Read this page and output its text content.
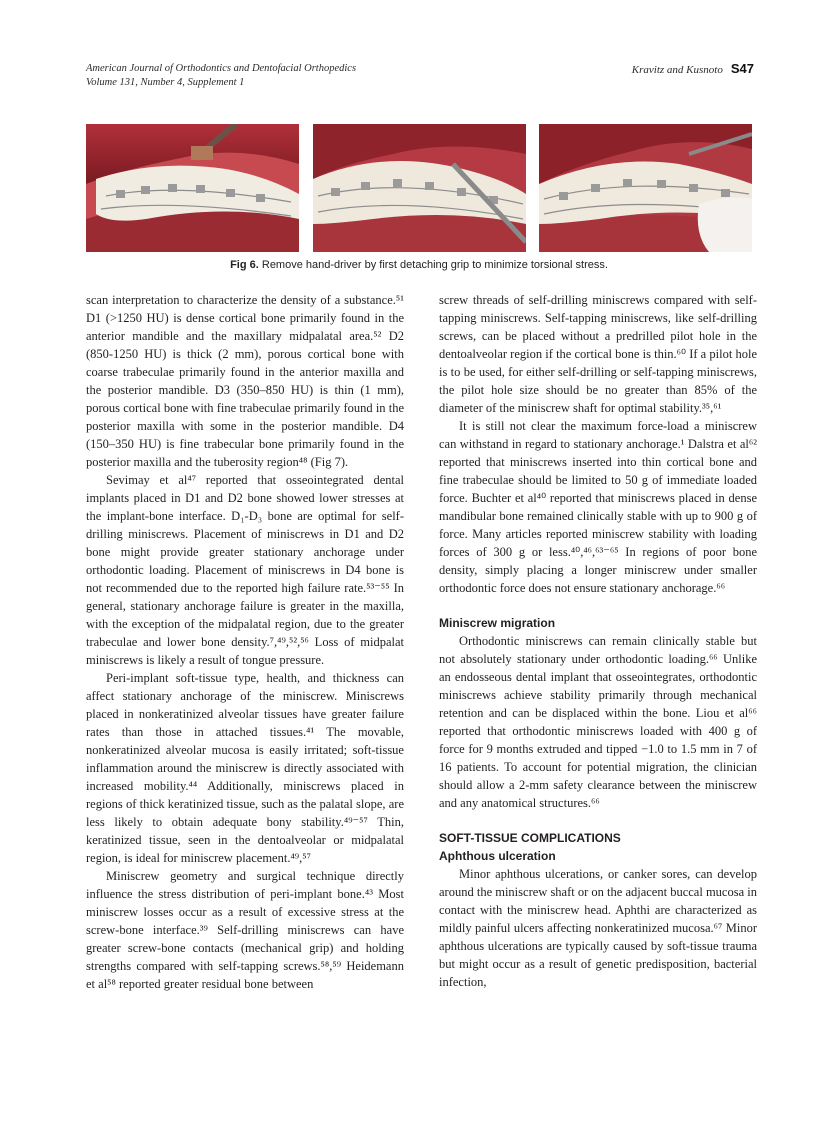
American Journal of Orthodontics and Dentofacial Orthopedics
Volume 131, Number 4, Supplement 1
Kravitz and Kusnoto S47
Fig 6. Remove hand-driver by first detaching grip to minimize torsional stress.

scan interpretation to characterize the density of a substance.⁵¹ D1 (>1250 HU) is dense cortical bone primarily found in the anterior mandible and the maxillary midpalatal area.⁵² D2 (850-1250 HU) is thick (2 mm), porous cortical bone with coarse trabeculae primarily found in the anterior maxilla and the posterior mandible. D3 (350–850 HU) is thin (1 mm), porous cortical bone with fine trabeculae primarily found in the posterior maxilla with some in the posterior mandible. D4 (150–350 HU) is fine trabecular bone primarily found in the posterior maxilla and the tuberosity region⁴⁸ (Fig 7).

Sevimay et al⁴⁷ reported that osseointegrated dental implants placed in D1 and D2 bone showed lower stresses at the implant-bone interface. D₁-D₃ bone are optimal for self-drilling miniscrews. Placement of miniscrews in D1 and D2 bone might provide greater stationary anchorage under orthodontic loading. Placement of miniscrews in D4 bone is not recommended due to the reported high failure rate.⁵³⁻⁵⁵ In general, stationary anchorage failure is greater in the maxilla, with the exception of the midpalatal region, due to the greater trabeculae and lower bone density.⁷,⁴⁹,⁵²,⁵⁶ Loss of midpalat miniscrews is likely a result of tongue pressure.

Peri-implant soft-tissue type, health, and thickness can affect stationary anchorage of the miniscrew. Miniscrews placed in nonkeratinized alveolar tissues have greater failure rates than those in attached tissues.⁴¹ The movable, nonkeratinized alveolar mucosa is easily irritated; soft-tissue inflammation around the miniscrew is directly associated with increased mobility.⁴⁴ Additionally, miniscrews placed in regions of thick keratinized tissue, such as the palatal slope, are less likely to obtain adequate bony stability.⁴⁹⁻⁵⁷ Thin, keratinized tissue, seen in the dentoalveolar or midpalatal region, is ideal for miniscrew placement.⁴⁹,⁵⁷

Miniscrew geometry and surgical technique directly influence the stress distribution of peri-implant bone.⁴³ Most miniscrew losses occur as a result of excessive stress at the screw-bone interface.³⁹ Self-drilling miniscrews can have greater screw-bone contacts (mechanical grip) and holding strengths compared with self-tapping screws.⁵⁸,⁵⁹ Heidemann et al⁵⁸ reported greater residual bone between

screw threads of self-drilling miniscrews compared with self-tapping miniscrews. Self-tapping miniscrews, like self-drilling screws, can be placed without a predrilled pilot hole in the dentoalveolar region if the cortical bone is thin.⁶⁰ If a pilot hole is to be used, for either self-drilling or self-tapping miniscrews, the pilot hole size should be no greater than 85% of the diameter of the miniscrew shaft for optimal stability.³⁵,⁶¹

It is still not clear the maximum force-load a miniscrew can withstand in regard to stationary anchorage.¹ Dalstra et al⁶² reported that miniscrews inserted into thin cortical bone and fine trabeculae should be limited to 50 g of immediate loaded force. Buchter et al⁴⁰ reported that miniscrews placed in dense mandibular bone remained clinically stable with up to 900 g of force. Many articles reported miniscrew stability with loading forces of 300 g or less.⁴⁰,⁴⁶,⁶³⁻⁶⁵ In regions of poor bone density, simply placing a longer miniscrew under smaller orthodontic force does not ensure stationary anchorage.⁶⁶

Miniscrew migration

Orthodontic miniscrews can remain clinically stable but not absolutely stationary under orthodontic loading.⁶⁶ Unlike an endosseous dental implant that osseointegrates, orthodontic miniscrews achieve stability primarily through mechanical retention and can be displaced within the bone. Liou et al⁶⁶ reported that orthodontic miniscrews loaded with 400 g of force for 9 months extruded and tipped −1.0 to 1.5 mm in 7 of 16 patients. To account for potential migration, the clinician should allow a 2-mm safety clearance between the miniscrew and any anatomical structures.⁶⁶

SOFT-TISSUE COMPLICATIONS

Aphthous ulceration

Minor aphthous ulcerations, or canker sores, can develop around the miniscrew shaft or on the adjacent buccal mucosa in contact with the miniscrew head. Aphthi are characterized as mildly painful ulcers affecting nonkeratinized mucosa.⁶⁷ Minor aphthous ulcerations are typically caused by soft-tissue trauma but might occur as a result of genetic predisposition, bacterial infection,
